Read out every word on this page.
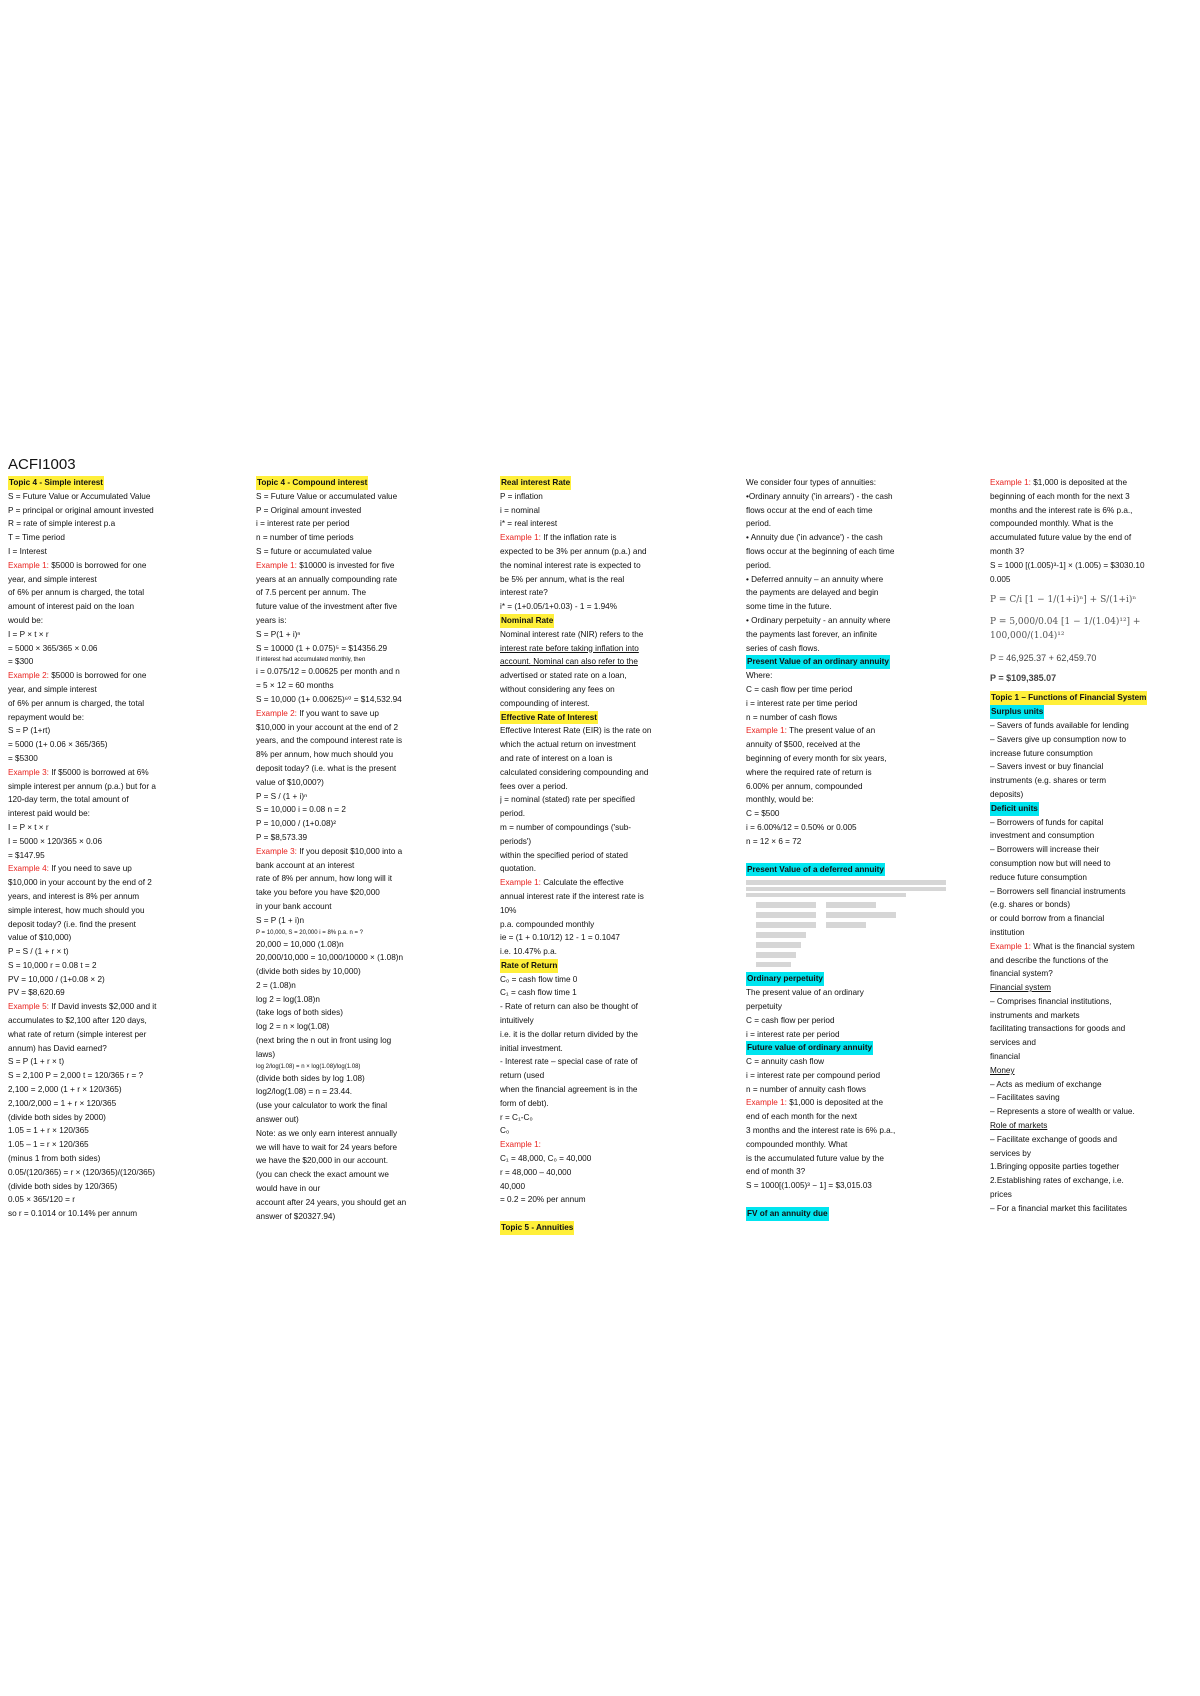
ACFI1003
Topic 4 - Simple interest
S = Future Value or Accumulated Value
P = principal or original amount invested
R = rate of simple interest p.a
T = Time period
I = Interest
Example 1: $5000 is borrowed for one
year, and simple interest
of 6% per annum is charged, the total
amount of interest paid on the loan
would be:
I = P × t × r
= 5000 × 365/365 × 0.06
= $300
Example 2: $5000 is borrowed for one
year, and simple interest
of 6% per annum is charged, the total
repayment would be:
S = P (1+rt)
= 5000 (1+ 0.06 × 365/365)
= $5300
Example 3: If $5000 is borrowed at 6%
simple interest per annum (p.a.) but for a
120-day term, the total amount of
interest paid would be:
I = P × t × r
I = 5000 × 120/365 × 0.06
= $147.95
Example 4: If you need to save up
$10,000 in your account by the end of 2
years, and interest is 8% per annum
simple interest, how much should you
deposit today? (i.e. find the present
value of $10,000)
P = S / (1 + r × t)
S = 10,000 r = 0.08 t = 2
PV = 10,000 / (1+0.08 × 2)
PV = $8,620.69
Example 5: If David invests $2,000 and it
accumulates to $2,100 after 120 days,
what rate of return (simple interest per
annum) has David earned?
S = P (1 + r × t)
S = 2,100 P = 2,000 t = 120/365 r = ?
2,100 = 2,000 (1 + r × 120/365)
2,100/2,000 = 1 + r × 120/365
(divide both sides by 2000)
1.05 = 1 + r × 120/365
1.05 – 1 = r × 120/365
(minus 1 from both sides)
0.05/(120/365) = r × (120/365)/(120/365)
(divide both sides by 120/365)
0.05 × 365/120 = r
so r = 0.1014 or 10.14% per annum
Topic 4 - Compound interest
S = Future Value or accumulated value
P = Original amount invested
i = interest rate per period
n = number of time periods
S = future or accumulated value
Example 1: $10000 is invested for five
years at an annually compounding rate
of 7.5 percent per annum. The
future value of the investment after five
years is:
S = P(1 + i)ⁿ
S = 10000 (1 + 0.075)⁵ = $14356.29
If interest had accumulated monthly, then
i = 0.075/12 = 0.00625 per month and n
= 5 × 12 = 60 months
S = 10,000 (1+ 0.00625)⁶⁰ = $14,532.94
Example 2: If you want to save up
$10,000 in your account at the end of 2
years, and the compound interest rate is
8% per annum, how much should you
deposit today? (i.e. what is the present
value of $10,000?)
P = S / (1 + i)ⁿ
S = 10,000 i = 0.08 n = 2
P = 10,000 / (1+0.08)²
P = $8,573.39
Example 3: If you deposit $10,000 into a
bank account at an interest
rate of 8% per annum, how long will it
take you before you have $20,000
in your bank account
S = P (1 + i)n
P = 10,000, S = 20,000 i = 8% p.a. n = ?
20,000 = 10,000 (1.08)n
20,000/10,000 = 10,000/10000 × (1.08)n
(divide both sides by 10,000)
2 = (1.08)n
log 2 = log(1.08)n
(take logs of both sides)
log 2 = n × log(1.08)
(next bring the n out in front using log
laws)
log 2/log(1.08) = n × log(1.08)/log(1.08)
(divide both sides by log 1.08)
log2/log(1.08) = n = 23.44.
(use your calculator to work the final
answer out)
Note: as we only earn interest annually
we will have to wait for 24 years before
we have the $20,000 in our account.
(you can check the exact amount we
would have in our
account after 24 years, you should get an
answer of $20327.94)
Real interest Rate
P = inflation
i = nominal
i* = real interest
Example 1: If the inflation rate is
expected to be 3% per annum (p.a.) and
the nominal interest rate is expected to
be 5% per annum, what is the real
interest rate?
i* = (1+0.05/1+0.03) - 1 = 1.94%
Nominal Rate
Nominal interest rate (NIR) refers to the
interest rate before taking inflation into
account. Nominal can also refer to the
advertised or stated rate on a loan,
without considering any fees on
compounding of interest.
Effective Rate of Interest
Effective Interest Rate (EIR) is the rate on
which the actual return on investment
and rate of interest on a loan is
calculated considering compounding and
fees over a period.
j = nominal (stated) rate per specified
period.
m = number of compoundings ('sub-
periods')
within the specified period of stated
quotation.
Example 1: Calculate the effective
annual interest rate if the interest rate is
10%
p.a. compounded monthly
ie = (1 + 0.10/12) 12 - 1 = 0.1047
i.e. 10.47% p.a.
Rate of Return
C₀ = cash flow time 0
C₁ = cash flow time 1
- Rate of return can also be thought of
intuitively
i.e. it is the dollar return divided by the
initial investment.
- Interest rate – special case of rate of
return (used
when the financial agreement is in the
form of debt).
r = C₁-C₀
C₀
Example 1:
C₁ = 48,000, C₀ = 40,000
r = 48,000 – 40,000
40,000
= 0.2 = 20% per annum

Topic 5 - Annuities
We consider four types of annuities:
•Ordinary annuity ('in arrears') - the cash
flows occur at the end of each time
period.
• Annuity due ('in advance') - the cash
flows occur at the beginning of each time
period.
• Deferred annuity – an annuity where
the payments are delayed and begin
some time in the future.
• Ordinary perpetuity - an annuity where
the payments last forever, an infinite
series of cash flows.
Present Value of an ordinary annuity
Where:
C = cash flow per time period
i = interest rate per time period
n = number of cash flows
Example 1: The present value of an
annuity of $500, received at the
beginning of every month for six years,
where the required rate of return is
6.00% per annum, compounded
monthly, would be:
C = $500
i = 6.00%/12 = 0.50% or 0.005
n = 12 × 6 = 72
Present Value of a deferred annuity
Ordinary perpetuity
The present value of an ordinary
perpetuity
C = cash flow per period
i = interest rate per period
Future value of ordinary annuity
C = annuity cash flow
i = interest rate per compound period
n = number of annuity cash flows
Example 1: $1,000 is deposited at the
end of each month for the next
3 months and the interest rate is 6% p.a.,
compounded monthly. What
is the accumulated future value by the
end of month 3?
S = 1000[(1.005)³ − 1] = $3,015.03

FV of an annuity due
Example 1: $1,000 is deposited at the
beginning of each month for the next 3
months and the interest rate is 6% p.a.,
compounded monthly. What is the
accumulated future value by the end of
month 3?
S = 1000 [(1.005)³-1] × (1.005) = $3030.10
0.005
P = C/i [1 − 1/(1+i)ⁿ] + S/(1+i)ⁿ
P = 5,000/0.04 [1 − 1/(1.04)¹²] + 100,000/(1.04)¹²
P = 46,925.37 + 62,459.70
P = $109,385.07
Topic 1 – Functions of Financial System
Surplus units
– Savers of funds available for lending
– Savers give up consumption now to
increase future consumption
– Savers invest or buy financial
instruments (e.g. shares or term
deposits)
Deficit units
– Borrowers of funds for capital
investment and consumption
– Borrowers will increase their
consumption now but will need to
reduce future consumption
– Borrowers sell financial instruments
(e.g. shares or bonds)
or could borrow from a financial
institution
Example 1: What is the financial system
and describe the functions of the
financial system?
Financial system
– Comprises financial institutions,
instruments and markets
facilitating transactions for goods and
services and
financial
Money
– Acts as medium of exchange
– Facilitates saving
– Represents a store of wealth or value.
Role of markets
– Facilitate exchange of goods and
services by
1.Bringing opposite parties together
2.Establishing rates of exchange, i.e.
prices
– For a financial market this facilitates
